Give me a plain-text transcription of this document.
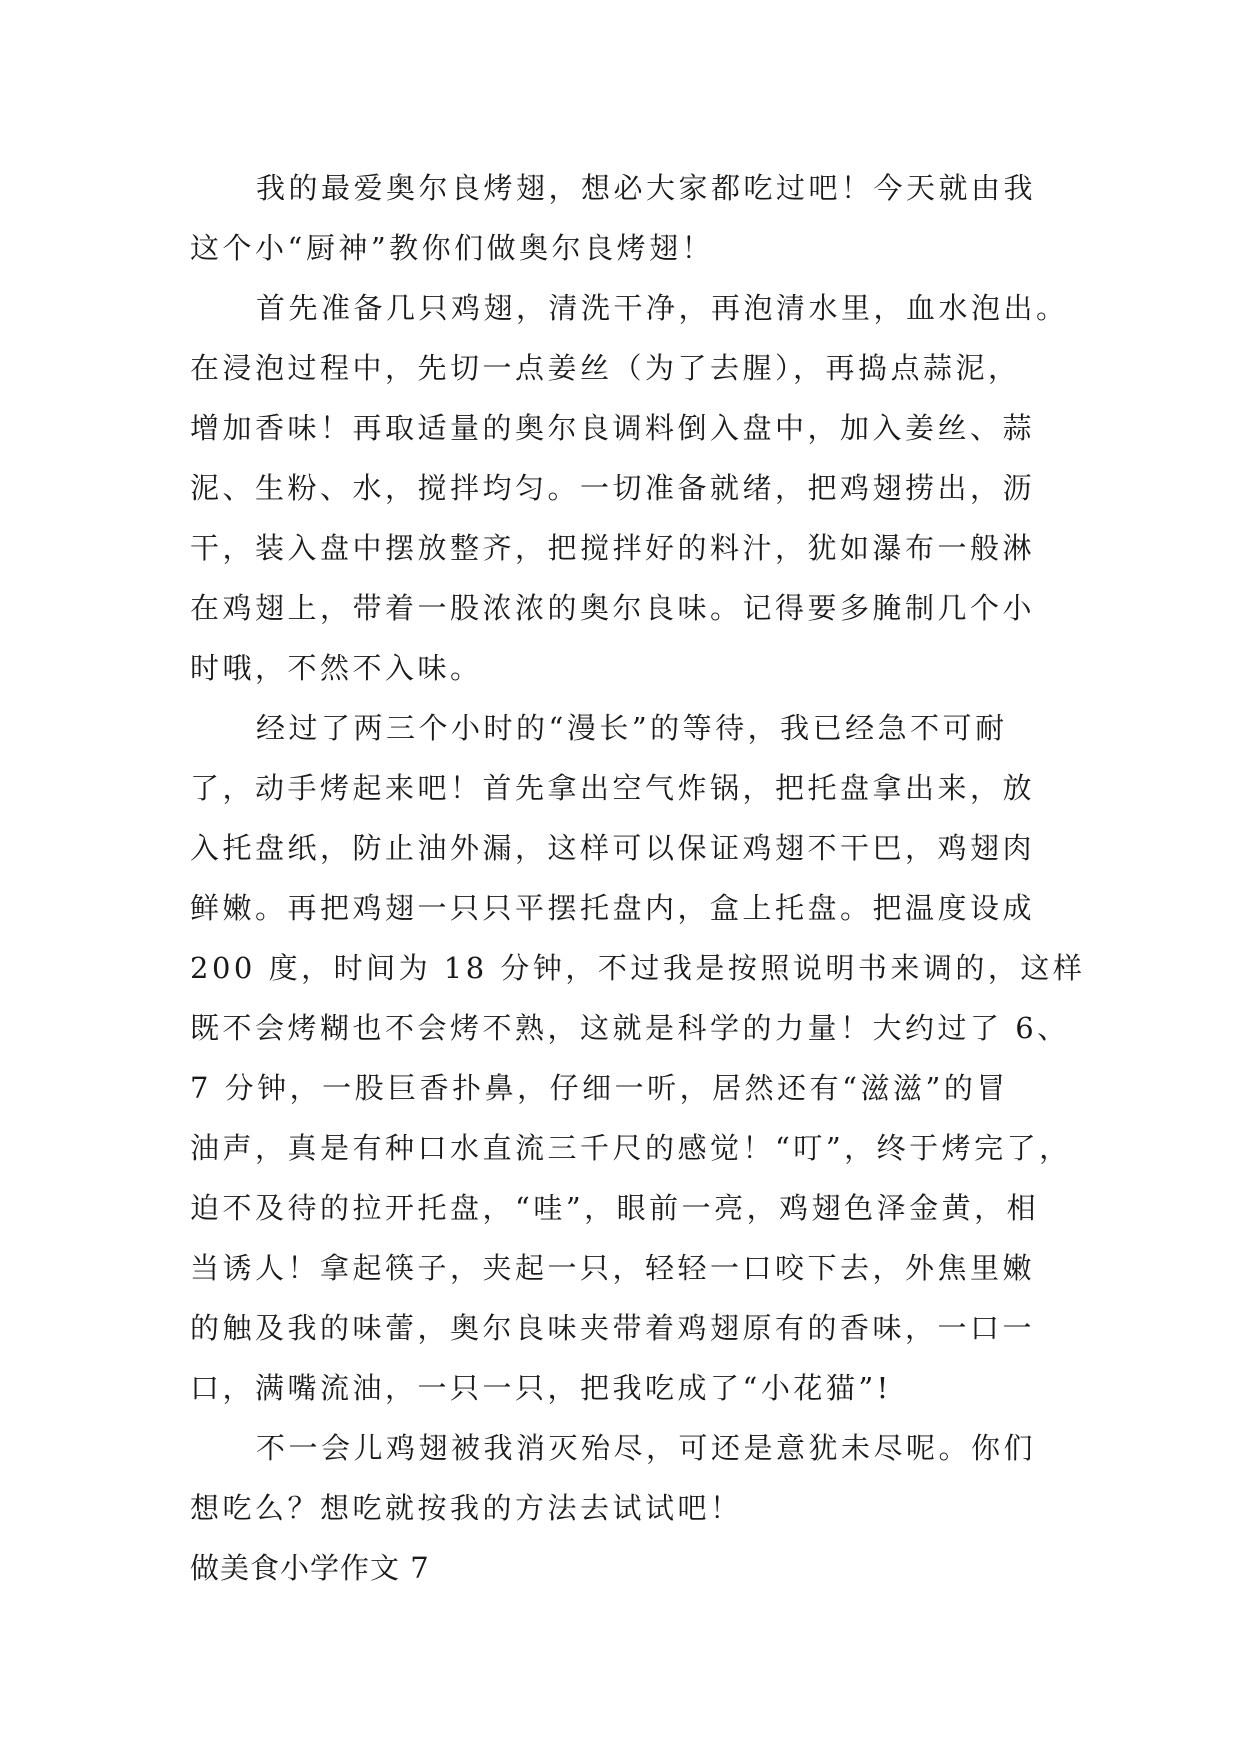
我的最爱奥尔良烤翅，想必大家都吃过吧！今天就由我
这个小“厨神”教你们做奥尔良烤翅！
首先准备几只鸡翅，清洗干净，再泡清水里，血水泡出。
在浸泡过程中，先切一点姜丝（为了去腥），再捣点蒜泥，
增加香味！再取适量的奥尔良调料倒入盘中，加入姜丝、蒜
泥、生粉、水，搅拌均匀。一切准备就绪，把鸡翅捞出，沥
干，装入盘中摆放整齐，把搅拌好的料汁，犹如瀑布一般淋
在鸡翅上，带着一股浓浓的奥尔良味。记得要多腌制几个小
时哦，不然不入味。
经过了两三个小时的“漫长”的等待，我已经急不可耐
了，动手烤起来吧！首先拿出空气炸锅，把托盘拿出来，放
入托盘纸，防止油外漏，这样可以保证鸡翅不干巴，鸡翅肉
鲜嫩。再把鸡翅一只只平摆托盘内，盒上托盘。把温度设成
200 度，时间为 18 分钟，不过我是按照说明书来调的，这样
既不会烤糊也不会烤不熟，这就是科学的力量！大约过了 6、
7 分钟，一股巨香扑鼻，仔细一听，居然还有“滋滋”的冒
油声，真是有种口水直流三千尺的感觉！“叮”，终于烤完了，
迫不及待的拉开托盘，“哇”，眼前一亮，鸡翅色泽金黄，相
当诱人！拿起筷子，夹起一只，轻轻一口咬下去，外焦里嫩
的触及我的味蕾，奥尔良味夹带着鸡翅原有的香味，一口一
口，满嘴流油，一只一只，把我吃成了“小花猫”!
不一会儿鸡翅被我消灭殆尽，可还是意犹未尽呢。你们
想吃么？想吃就按我的方法去试试吧！
做美食小学作文 7
